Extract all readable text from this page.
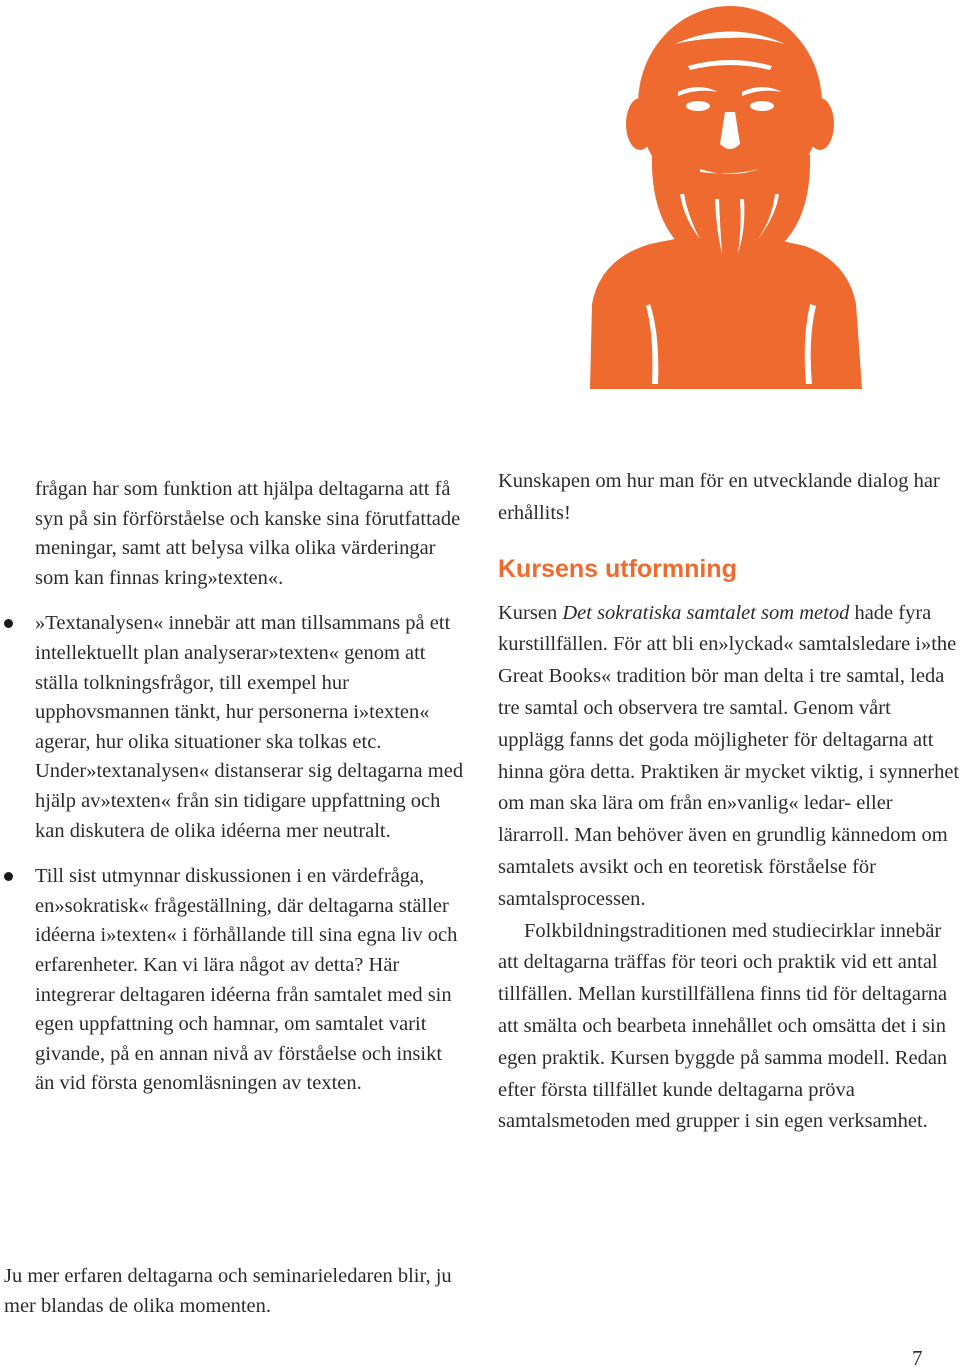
frågan har som funktion att hjälpa deltagarna att få syn på sin förförståelse och kanske sina förutfattade meningar, samt att belysa vilka olika värderingar som kan finnas kring»texten«.

»Textanalysen« innebär att man tillsammans på ett intellektuellt plan analyserar»texten« genom att ställa tolkningsfrågor, till exempel hur upphovsmannen tänkt, hur personerna i»texten« agerar, hur olika situationer ska tolkas etc. Under»textanalysen« distanserar sig deltagarna med hjälp av»texten« från sin tidigare uppfattning och kan diskutera de olika idéerna mer neutralt.

Till sist utmynnar diskussionen i en värdefråga, en»sokratisk« frågeställning, där deltagarna ställer idéerna i»texten« i förhållande till sina egna liv och erfarenheter. Kan vi lära något av detta? Här integrerar deltagaren idéerna från samtalet med sin egen uppfattning och hamnar, om samtalet varit givande, på en annan nivå av förståelse och insikt än vid första genomläsningen av texten.

Ju mer erfaren deltagarna och seminarieledaren blir, ju mer blandas de olika momenten.

Kunskapen om hur man för en utvecklande dialog har erhållits!

Kursens utformning

Kursen Det sokratiska samtalet som metod hade fyra kurstillfällen. För att bli en»lyckad« samtalsledare i»the Great Books« tradition bör man delta i tre samtal, leda tre samtal och observera tre samtal. Genom vårt upplägg fanns det goda möjligheter för deltagarna att hinna göra detta. Praktiken är mycket viktig, i synnerhet om man ska lära om från en»vanlig« ledar- eller lärarroll. Man behöver även en grundlig kännedom om samtalets avsikt och en teoretisk förståelse för samtalsprocessen.

Folkbildningstraditionen med studiecirklar innebär att deltagarna träffas för teori och praktik vid ett antal tillfällen. Mellan kurstillfällena finns tid för deltagarna att smälta och bearbeta innehållet och omsätta det i sin egen praktik. Kursen byggde på samma modell. Redan efter första tillfället kunde deltagarna pröva samtalsmetoden med grupper i sin egen verksamhet.

7
